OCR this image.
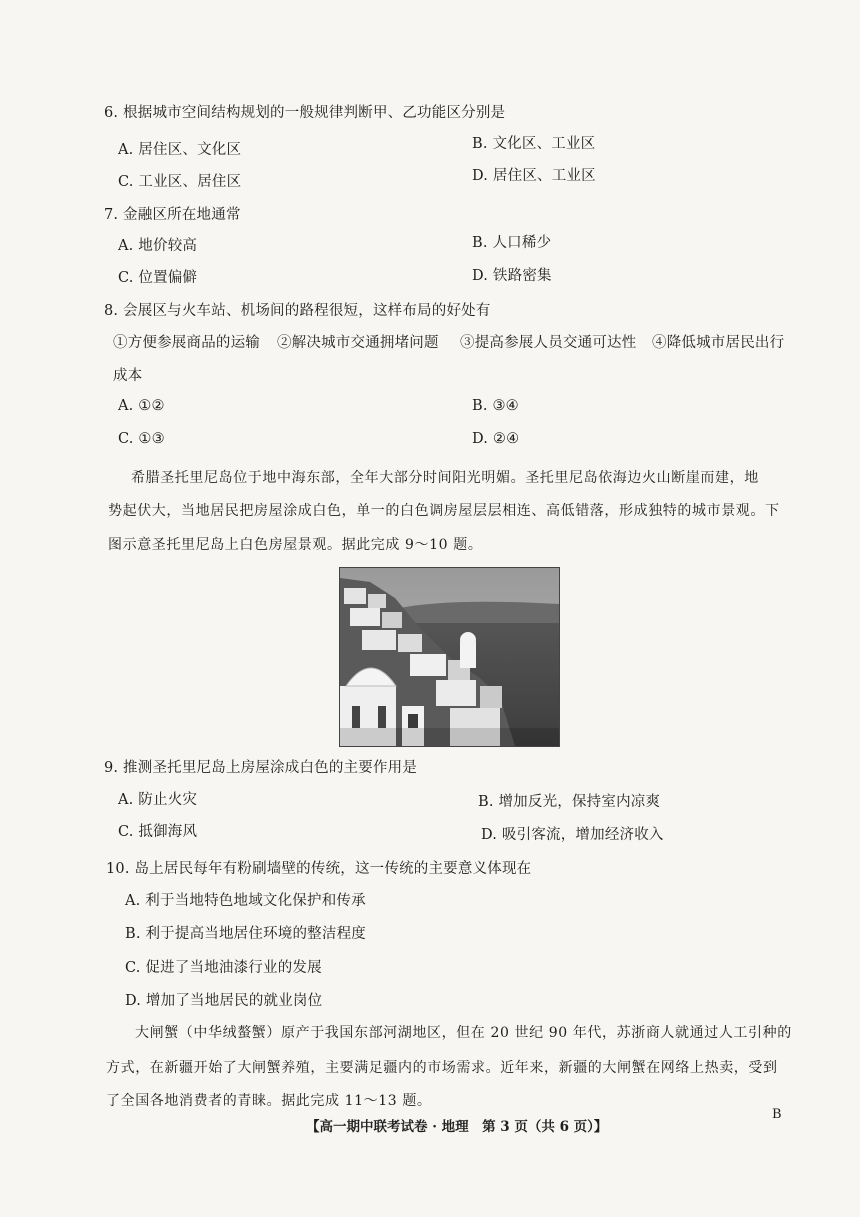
6. 根据城市空间结构规划的一般规律判断甲、乙功能区分别是
A. 居住区、文化区	B. 文化区、工业区
C. 工业区、居住区	D. 居住区、工业区
7. 金融区所在地通常
A. 地价较高	B. 人口稀少
C. 位置偏僻	D. 铁路密集
8. 会展区与火车站、机场间的路程很短，这样布局的好处有
①方便参展商品的运输 ②解决城市交通拥堵问题 ③提高参展人员交通可达性 ④降低城市居民出行
成本
A. ①②	B. ③④
C. ①③	D. ②④
希腊圣托里尼岛位于地中海东部，全年大部分时间阳光明媚。圣托里尼岛依海边火山断崖而建，地
势起伏大，当地居民把房屋涂成白色，单一的白色调房屋层层相连、高低错落，形成独特的城市景观。下
图示意圣托里尼岛上白色房屋景观。据此完成 9～10 题。
9. 推测圣托里尼岛上房屋涂成白色的主要作用是
A. 防止火灾	B. 增加反光，保持室内凉爽
C. 抵御海风	D. 吸引客流，增加经济收入
10. 岛上居民每年有粉刷墙壁的传统，这一传统的主要意义体现在
A. 利于当地特色地域文化保护和传承
B. 利于提高当地居住环境的整洁程度
C. 促进了当地油漆行业的发展
D. 增加了当地居民的就业岗位
大闸蟹（中华绒螯蟹）原产于我国东部河湖地区，但在 20 世纪 90 年代，苏浙商人就通过人工引种的
方式，在新疆开始了大闸蟹养殖，主要满足疆内的市场需求。近年来，新疆的大闸蟹在网络上热卖，受到
了全国各地消费者的青睐。据此完成 11～13 题。
【高一期中联考试卷 · 地理　第 3 页（共 6 页）】
B
